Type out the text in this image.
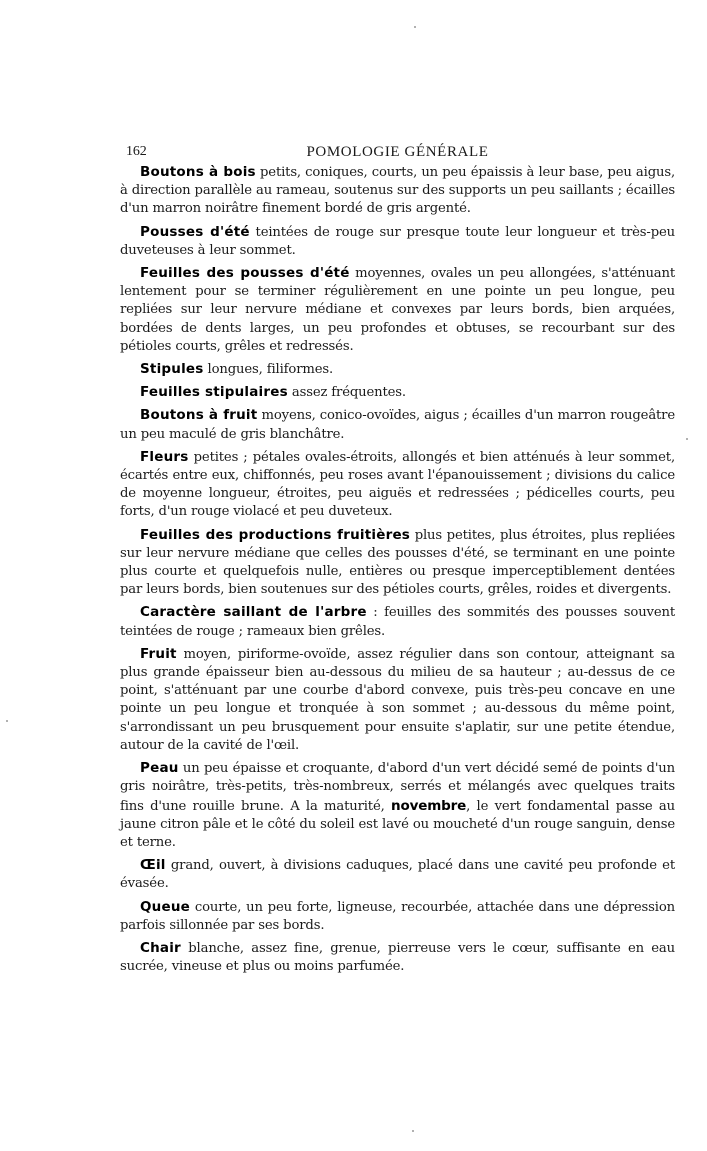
162	POMOLOGIE GÉNÉRALE

Boutons à bois petits, coniques, courts, un peu épaissis à leur base, peu aigus, à direction parallèle au rameau, soutenus sur des supports un peu saillants ; écailles d'un marron noirâtre finement bordé de gris argenté.

Pousses d'été teintées de rouge sur presque toute leur longueur et très-peu duveteuses à leur sommet.

Feuilles des pousses d'été moyennes, ovales un peu allongées, s'atténuant lentement pour se terminer régulièrement en une pointe un peu longue, peu repliées sur leur nervure médiane et convexes par leurs bords, bien arquées, bordées de dents larges, un peu profondes et obtuses, se recourbant sur des pétioles courts, grêles et redressés.

Stipules longues, filiformes.

Feuilles stipulaires assez fréquentes.

Boutons à fruit moyens, conico-ovoïdes, aigus ; écailles d'un marron rougeâtre un peu maculé de gris blanchâtre.

Fleurs petites ; pétales ovales-étroits, allongés et bien atténués à leur sommet, écartés entre eux, chiffonnés, peu roses avant l'épanouissement ; divisions du calice de moyenne longueur, étroites, peu aiguës et redressées ; pédicelles courts, peu forts, d'un rouge violacé et peu duveteux.

Feuilles des productions fruitières plus petites, plus étroites, plus repliées sur leur nervure médiane que celles des pousses d'été, se terminant en une pointe plus courte et quelquefois nulle, entières ou presque imperceptiblement dentées par leurs bords, bien soutenues sur des pétioles courts, grêles, roides et divergents.

Caractère saillant de l'arbre : feuilles des sommités des pousses souvent teintées de rouge ; rameaux bien grêles.

Fruit moyen, piriforme-ovoïde, assez régulier dans son contour, atteignant sa plus grande épaisseur bien au-dessous du milieu de sa hauteur ; au-dessus de ce point, s'atténuant par une courbe d'abord convexe, puis très-peu concave en une pointe un peu longue et tronquée à son sommet ; au-dessous du même point, s'arrondissant un peu brusquement pour ensuite s'aplatir, sur une petite étendue, autour de la cavité de l'œil.

Peau un peu épaisse et croquante, d'abord d'un vert décidé semé de points d'un gris noirâtre, très-petits, très-nombreux, serrés et mélangés avec quelques traits fins d'une rouille brune. A la maturité, novembre, le vert fondamental passe au jaune citron pâle et le côté du soleil est lavé ou moucheté d'un rouge sanguin, dense et terne.

Œil grand, ouvert, à divisions caduques, placé dans une cavité peu profonde et évasée.

Queue courte, un peu forte, ligneuse, recourbée, attachée dans une dépression parfois sillonnée par ses bords.

Chair blanche, assez fine, grenue, pierreuse vers le cœur, suffisante en eau sucrée, vineuse et plus ou moins parfumée.
